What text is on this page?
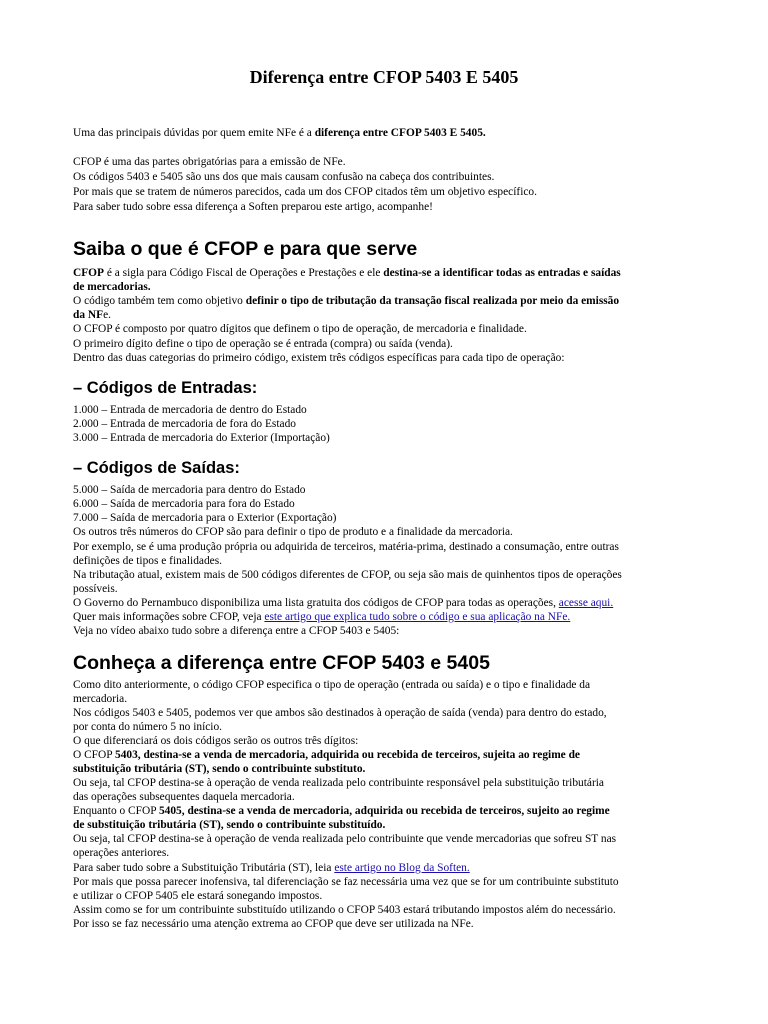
Diferença entre CFOP 5403 E 5405
Uma das principais dúvidas por quem emite NFe é a diferença entre CFOP 5403 E 5405.
CFOP é uma das partes obrigatórias para a emissão de NFe.
Os códigos 5403 e 5405 são uns dos que mais causam confusão na cabeça dos contribuintes.
Por mais que se tratem de números parecidos, cada um dos CFOP citados têm um objetivo específico.
Para saber tudo sobre essa diferença a Soften preparou este artigo, acompanhe!
Saiba o que é CFOP e para que serve
CFOP é a sigla para Código Fiscal de Operações e Prestações e ele destina-se a identificar todas as entradas e saídas
de mercadorias.
O código também tem como objetivo definir o tipo de tributação da transação fiscal realizada por meio da emissão
da NFe.
O CFOP é composto por quatro dígitos que definem o tipo de operação, de mercadoria e finalidade.
O primeiro dígito define o tipo de operação se é entrada (compra) ou saída (venda).
Dentro das duas categorias do primeiro código, existem três códigos específicas para cada tipo de operação:
– Códigos de Entradas:
1.000 – Entrada de mercadoria de dentro do Estado
2.000 – Entrada de mercadoria de fora do Estado
3.000 – Entrada de mercadoria do Exterior (Importação)
– Códigos de Saídas:
5.000 – Saída de mercadoria para dentro do Estado
6.000 – Saída de mercadoria para fora do Estado
7.000 – Saída de mercadoria para o Exterior (Exportação)
Os outros três números do CFOP são para definir o tipo de produto e a finalidade da mercadoria.
Por exemplo, se é uma produção própria ou adquirida de terceiros, matéria-prima, destinado a consumação, entre outras
definições de tipos e finalidades.
Na tributação atual, existem mais de 500 códigos diferentes de CFOP, ou seja são mais de quinhentos tipos de operações
possíveis.
O Governo do Pernambuco disponibiliza uma lista gratuita dos códigos de CFOP para todas as operações, acesse aqui.
Quer mais informações sobre CFOP, veja este artigo que explica tudo sobre o código e sua aplicação na NFe.
Veja no vídeo abaixo tudo sobre a diferença entre a CFOP 5403 e 5405:
Conheça a diferença entre CFOP 5403 e 5405
Como dito anteriormente, o código CFOP especifica o tipo de operação (entrada ou saída) e o tipo e finalidade da
mercadoria.
Nos códigos 5403 e 5405, podemos ver que ambos são destinados à operação de saída (venda) para dentro do estado,
por conta do número 5 no início.
O que diferenciará os dois códigos serão os outros três dígitos:
O CFOP 5403, destina-se a venda de mercadoria, adquirida ou recebida de terceiros, sujeita ao regime de
substituição tributária (ST), sendo o contribuinte substituto.
Ou seja, tal CFOP destina-se à operação de venda realizada pelo contribuinte responsável pela substituição tributária
das operações subsequentes daquela mercadoria.
Enquanto o CFOP 5405, destina-se a venda de mercadoria, adquirida ou recebida de terceiros, sujeito ao regime
de substituição tributária (ST), sendo o contribuinte substituído.
Ou seja, tal CFOP destina-se à operação de venda realizada pelo contribuinte que vende mercadorias que sofreu ST nas
operações anteriores.
Para saber tudo sobre a Substituição Tributária (ST), leia este artigo no Blog da Soften.
Por mais que possa parecer inofensiva, tal diferenciação se faz necessária uma vez que se for um contribuinte substituto
e utilizar o CFOP 5405 ele estará sonegando impostos.
Assim como se for um contribuinte substituído utilizando o CFOP 5403 estará tributando impostos além do necessário.
Por isso se faz necessário uma atenção extrema ao CFOP que deve ser utilizada na NFe.
